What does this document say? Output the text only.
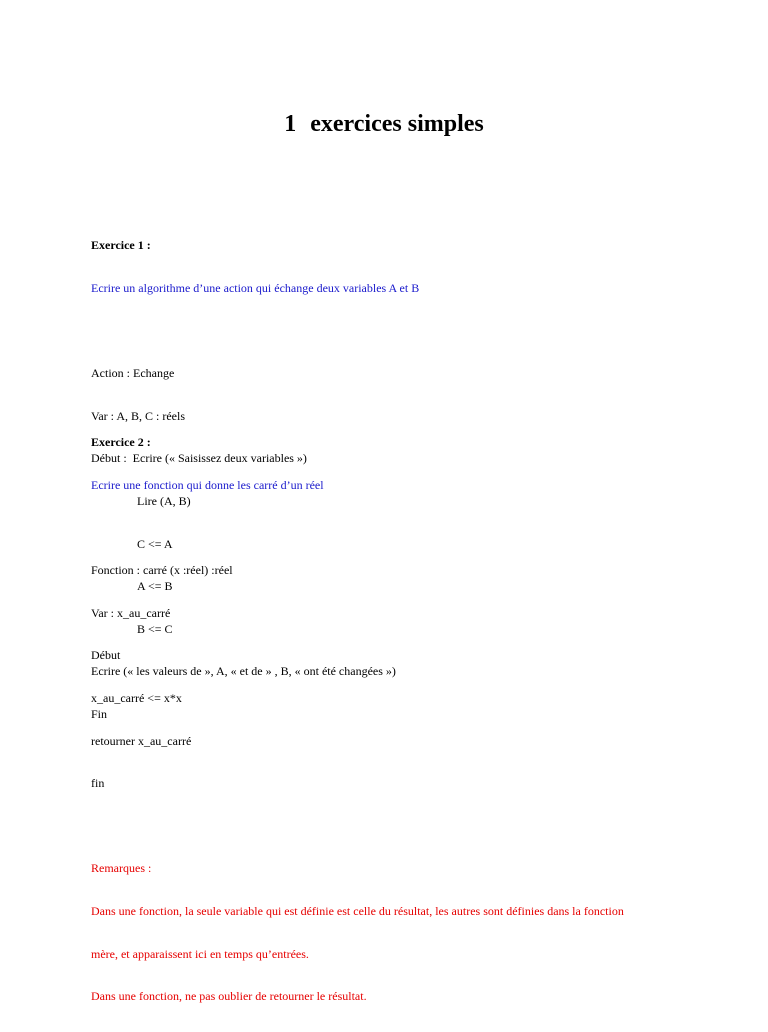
1 exercices simples

Exercice 1 :

Ecrire un algorithme d’une action qui échange deux variables A et B

Action : Echange

Var : A, B, C : réels

Début :  Ecrire (« Saisissez deux variables »)

Lire (A, B)

C <= A

A <= B

B <= C

Ecrire (« les valeurs de », A, « et de » , B, « ont été changées »)

Fin

Exercice 2 :

Ecrire une fonction qui donne les carré d’un réel

Fonction : carré (x :réel) :réel

Var : x_au_carré

Début

x_au_carré <= x*x

retourner x_au_carré

fin

Remarques :

Dans une fonction, la seule variable qui est définie est celle du résultat, les autres sont définies dans la fonction

mère, et apparaissent ici en temps qu’entrées.

Dans une fonction, ne pas oublier de retourner le résultat.
